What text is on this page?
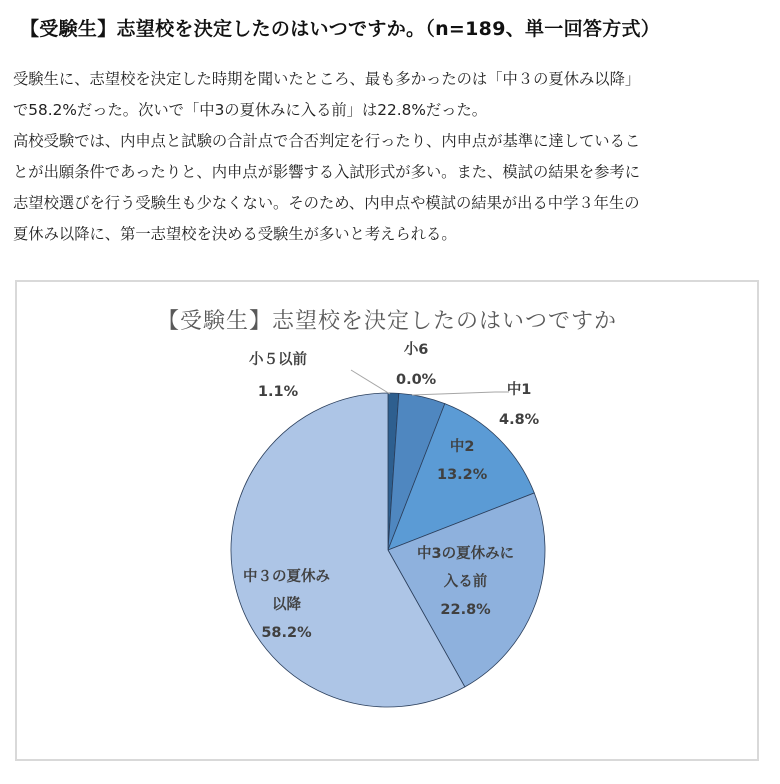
【受験生】志望校を決定したのはいつですか。（n=189、単一回答方式）

受験生に、志望校を決定した時期を聞いたところ、最も多かったのは「中３の夏休み以降」

で58.2%だった。次いで「中3の夏休みに入る前」は22.8%だった。

高校受験では、内申点と試験の合計点で合否判定を行ったり、内申点が基準に達しているこ

とが出願条件であったりと、内申点が影響する入試形式が多い。また、模試の結果を参考に

志望校選びを行う受験生も少なくない。そのため、内申点や模試の結果が出る中学３年生の

夏休み以降に、第一志望校を決める受験生が多いと考えられる。

【受験生】志望校を決定したのはいつですか
小５以前
1.1%
小6
0.0%
中1
4.8%
中2
13.2%
中3の夏休みに
入る前
22.8%
中３の夏休み
以降
58.2%
